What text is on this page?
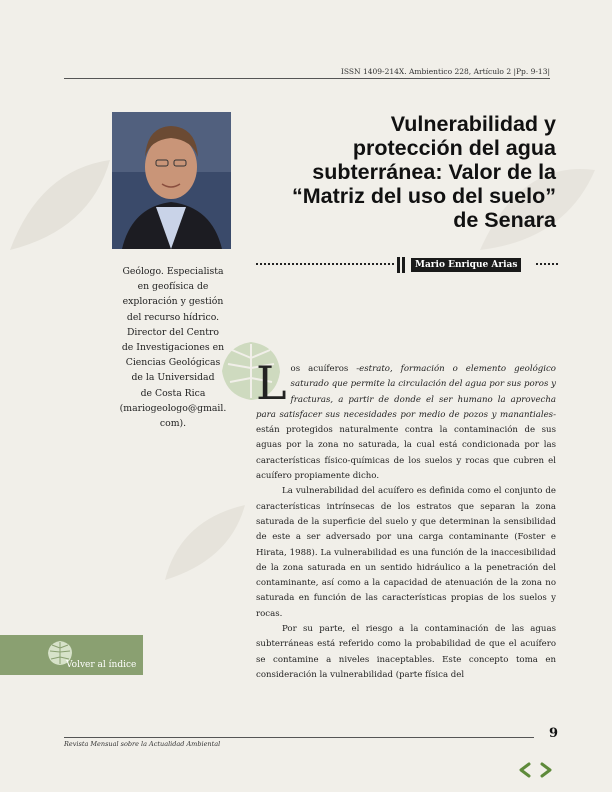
ISSN 1409-214X. Ambientico 228, Artículo 2 |Pp. 9-13|
Vulnerabilidad y
protección del agua
subterránea: Valor de la
“Matriz del uso del suelo”
de Senara
Mario Enrique Arias

Geólogo. Especialista
en geofísica de
exploración y gestión
del recurso hídrico.
Director del Centro
de Investigaciones en
Ciencias Geológicas
de la Universidad
de Costa Rica
(mariogeologo@gmail.
com).

Los acuíferos -estrato, formación o elemento geológico saturado que permite la circulación del agua por sus poros y fracturas, a partir de donde el ser humano la aprovecha para satisfacer sus necesidades por medio de pozos y manantiales- están protegidos naturalmente contra la contaminación de sus aguas por la zona no saturada, la cual está condicionada por las características físico-químicas de los suelos y rocas que cubren el acuífero propiamente dicho.

La vulnerabilidad del acuífero es definida como el conjunto de características intrínsecas de los estratos que separan la zona saturada de la superficie del suelo y que determinan la sensibilidad de este a ser adversado por una carga contaminante (Foster e Hirata, 1988). La vulnerabilidad es una función de la inaccesibilidad de la zona saturada en un sentido hidráulico a la penetración del contaminante, así como a la capacidad de atenuación de la zona no saturada en función de las características propias de los suelos y rocas.

Por su parte, el riesgo a la contaminación de las aguas subterráneas está referido como la probabilidad de que el acuífero se contamine a niveles inaceptables. Este concepto toma en consideración la vulnerabilidad (parte física del

Volver al índice
9
Revista Mensual sobre la Actualidad Ambiental
